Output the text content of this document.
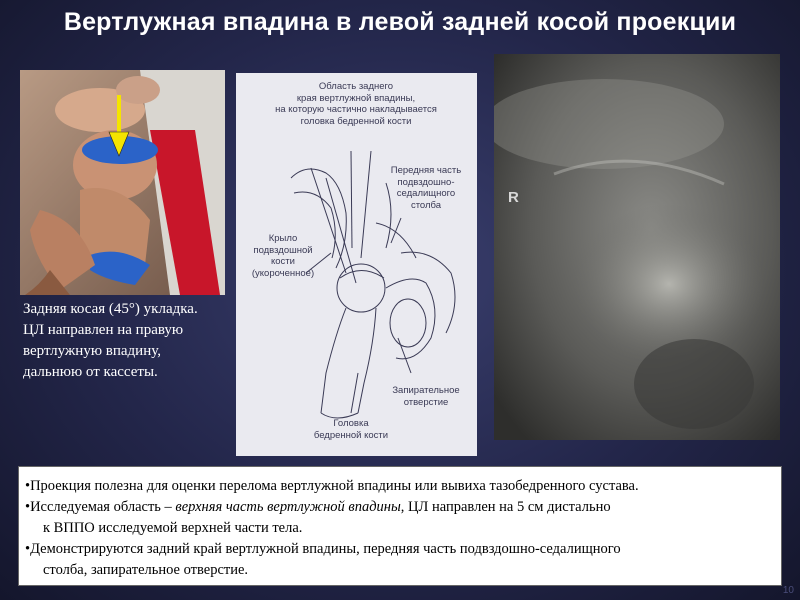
Вертлужная впадина в левой задней косой проекции
Задняя косая (45°) укладка.
ЦЛ направлен на правую
вертлужную впадину,
дальнюю от кассеты.
Область заднего
края вертлужной впадины,
на которую частично накладывается
головка бедренной кости
Передняя часть
подвздошно-
седалищного
столба
Крыло
подвздошной
кости
(укороченное)
Запирательное
отверстие
Головка
бедренной кости
R
•Проекция полезна для оценки перелома вертлужной впадины или вывиха тазобедренного сустава.
•Исследуемая область – верхняя часть вертлужной впадины, ЦЛ направлен на 5 см дистально
к ВППО исследуемой верхней части тела.
•Демонстрируются задний край вертлужной впадины, передняя часть подвздошно-седалищного
столба, запирательное отверстие.
10
